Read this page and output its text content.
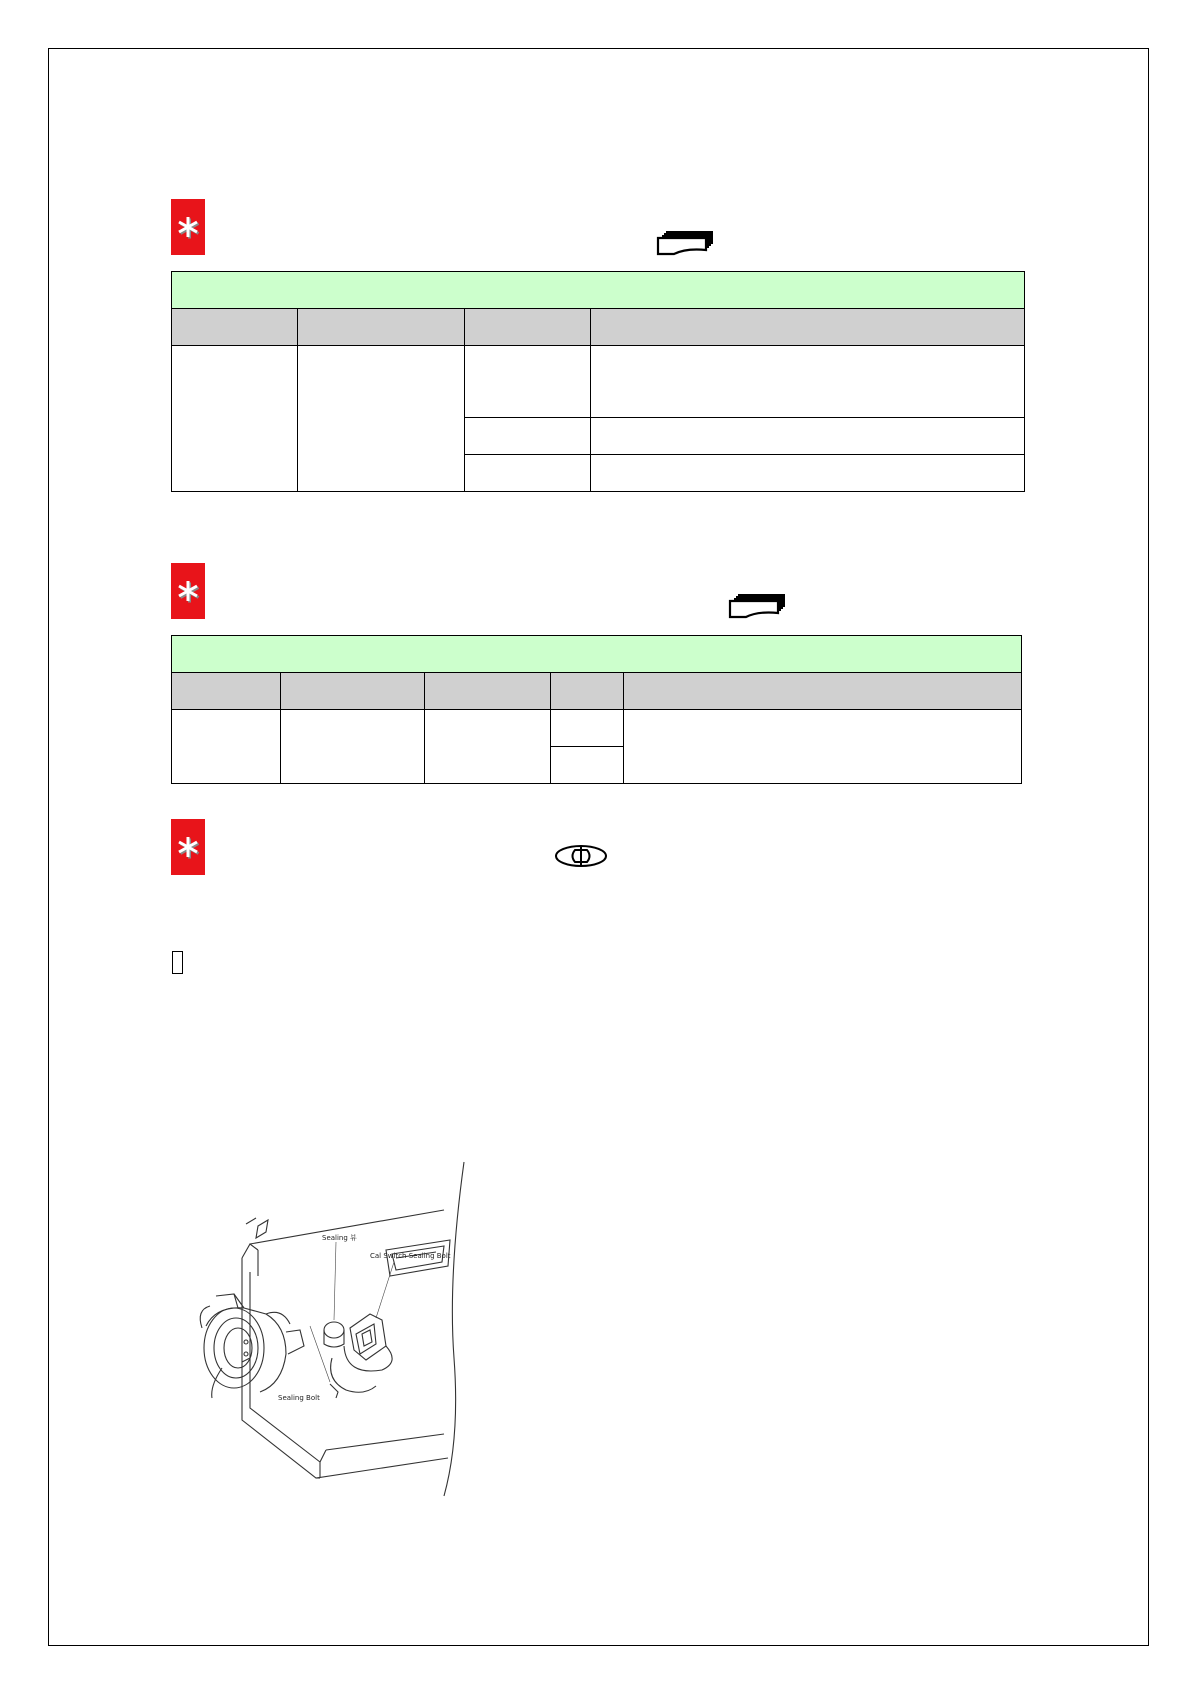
Sealing 뷰
Cal Switch Sealing Bolt
Sealing Bolt
